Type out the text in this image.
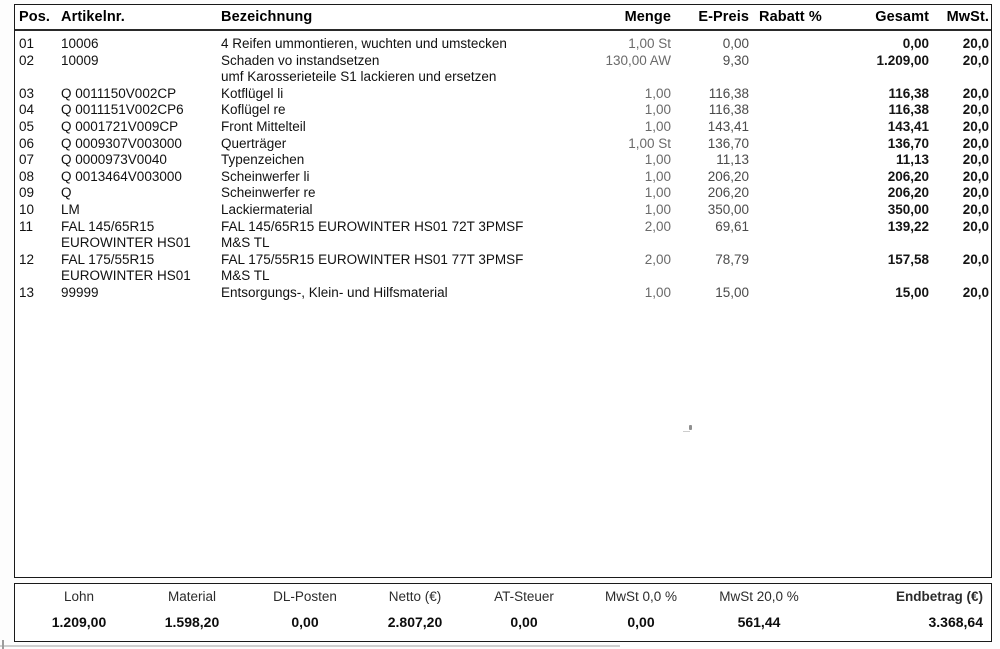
Pos. Artikelnr.	Bezeichnung	Menge	E-Preis Rabatt %	Gesamt	MwSt.
01 10006	4 Reifen ummontieren, wuchten und umstecken	1,00 St	0,00	0,00	20,0
02 10009	Schaden vo instandsetzen	130,00 AW	9,30	1.209,00	20,0
umf Karosserieteile S1 lackieren und ersetzen
03 Q 0011150V002CP	Kotflügel li	1,00	116,38	116,38	20,0
04 Q 0011151V002CP6	Koflügel re	1,00	116,38	116,38	20,0
05 Q 0001721V009CP	Front Mittelteil	1,00	143,41	143,41	20,0
06 Q 0009307V003000	Querträger	1,00 St	136,70	136,70	20,0
07 Q 0000973V0040	Typenzeichen	1,00	11,13	11,13	20,0
08 Q 0013464V003000	Scheinwerfer li	1,00	206,20	206,20	20,0
09 Q	Scheinwerfer re	1,00	206,20	206,20	20,0
10 LM	Lackiermaterial	1,00	350,00	350,00	20,0
11 FAL 145/65R15	FAL 145/65R15 EUROWINTER HS01 72T 3PMSF	2,00	69,61	139,22	20,0
EUROWINTER HS01 M&S TL
12 FAL 175/55R15	FAL 175/55R15 EUROWINTER HS01 77T 3PMSF	2,00	78,79	157,58	20,0
EUROWINTER HS01 M&S TL
13 99999	Entsorgungs-, Klein- und Hilfsmaterial	1,00	15,00	15,00	20,0
Lohn	Material	DL-Posten	Netto (€)	AT-Steuer	MwSt 0,0 %	MwSt 20,0 %	Endbetrag (€)
1.209,00	1.598,20	0,00	2.807,20	0,00	0,00	561,44	3.368,64
